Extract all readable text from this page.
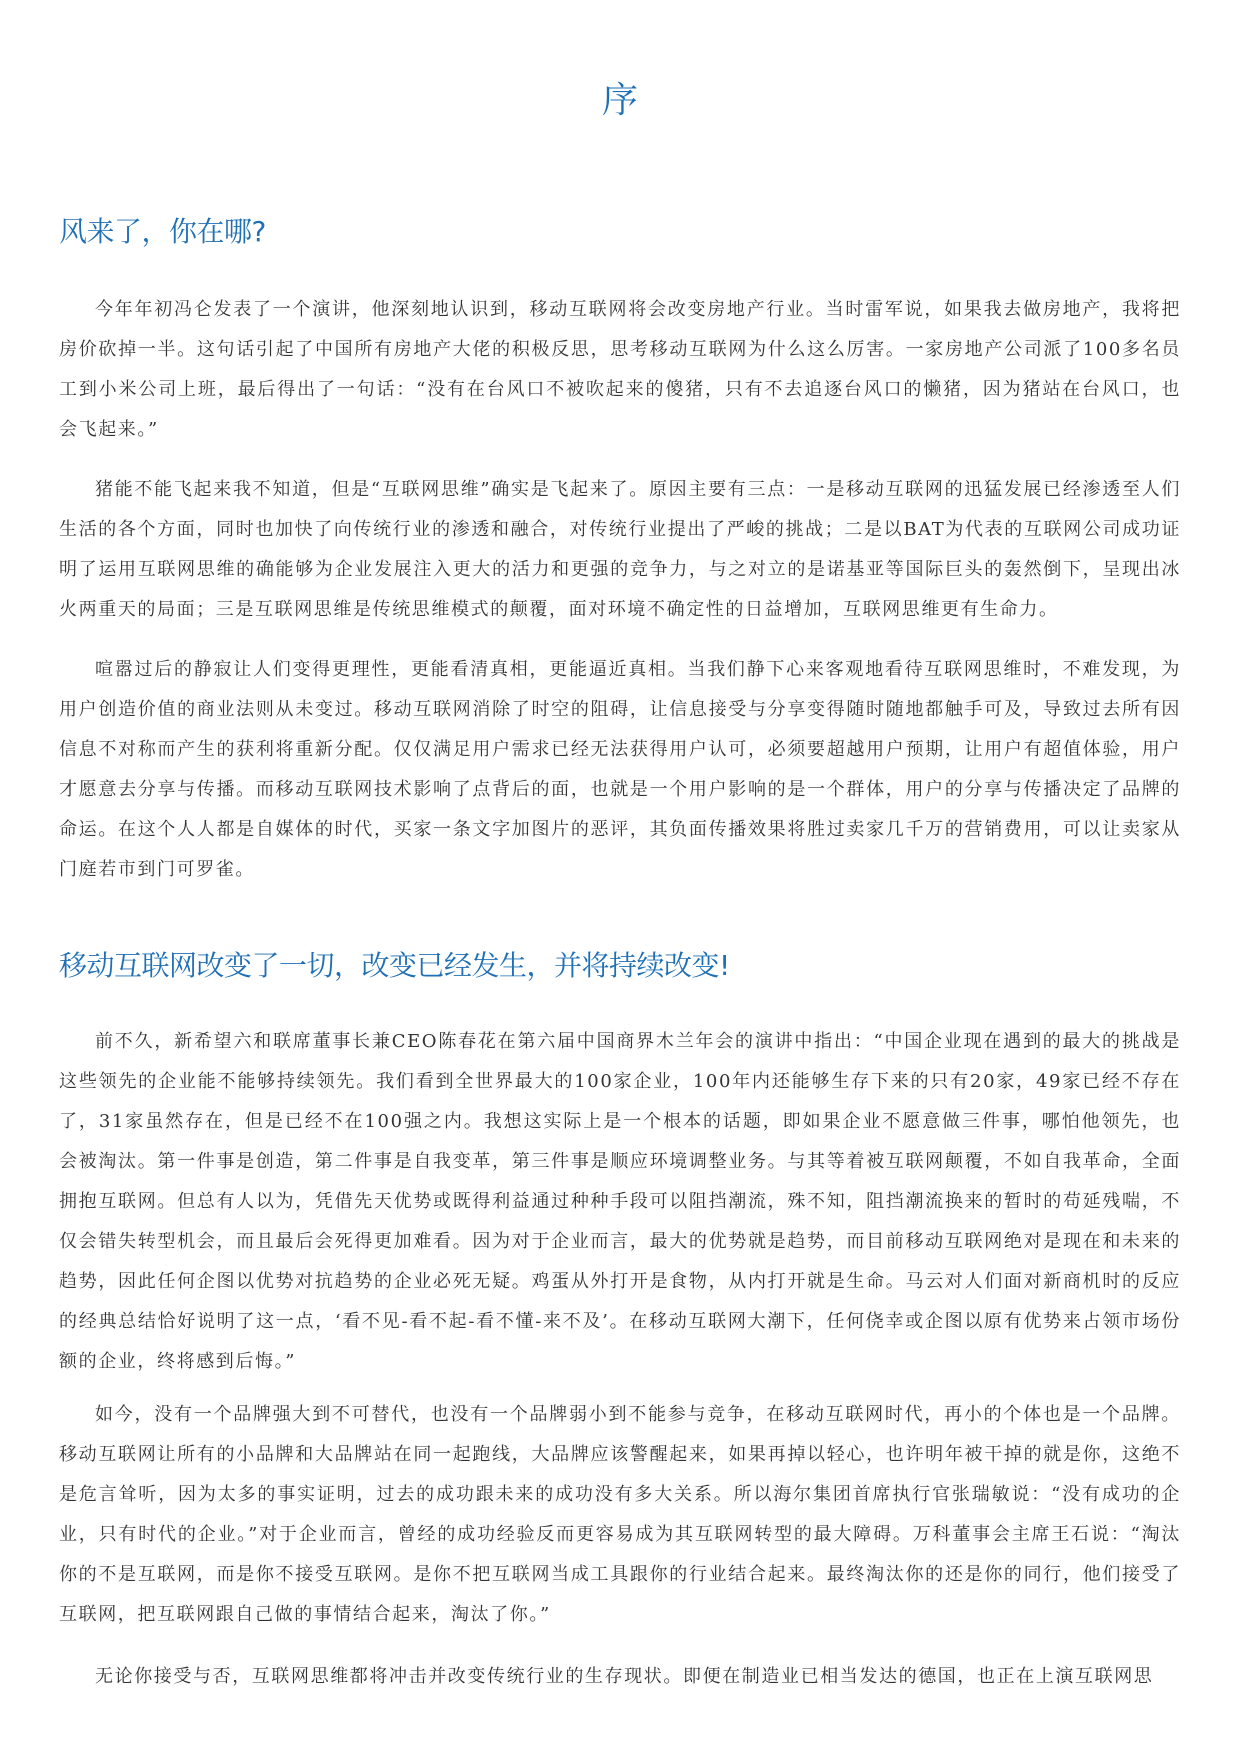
序
风来了，你在哪?

今年年初冯仑发表了一个演讲，他深刻地认识到，移动互联网将会改变房地产行业。当时雷军说，如果我去做房地产，我将把房价砍掉一半。这句话引起了中国所有房地产大佬的积极反思，思考移动互联网为什么这么厉害。一家房地产公司派了100多名员工到小米公司上班，最后得出了一句话：“没有在台风口不被吹起来的傻猪，只有不去追逐台风口的懒猪，因为猪站在台风口，也会飞起来。”

猪能不能飞起来我不知道，但是“互联网思维”确实是飞起来了。原因主要有三点：一是移动互联网的迅猛发展已经渗透至人们生活的各个方面，同时也加快了向传统行业的渗透和融合，对传统行业提出了严峻的挑战；二是以BAT为代表的互联网公司成功证明了运用互联网思维的确能够为企业发展注入更大的活力和更强的竞争力，与之对立的是诺基亚等国际巨头的轰然倒下，呈现出冰火两重天的局面；三是互联网思维是传统思维模式的颠覆，面对环境不确定性的日益增加，互联网思维更有生命力。

喧嚣过后的静寂让人们变得更理性，更能看清真相，更能逼近真相。当我们静下心来客观地看待互联网思维时，不难发现，为用户创造价值的商业法则从未变过。移动互联网消除了时空的阻碍，让信息接受与分享变得随时随地都触手可及，导致过去所有因信息不对称而产生的获利将重新分配。仅仅满足用户需求已经无法获得用户认可，必须要超越用户预期，让用户有超值体验，用户才愿意去分享与传播。而移动互联网技术影响了点背后的面，也就是一个用户影响的是一个群体，用户的分享与传播决定了品牌的命运。在这个人人都是自媒体的时代，买家一条文字加图片的恶评，其负面传播效果将胜过卖家几千万的营销费用，可以让卖家从门庭若市到门可罗雀。

移动互联网改变了一切，改变已经发生，并将持续改变!

前不久，新希望六和联席董事长兼CEO陈春花在第六届中国商界木兰年会的演讲中指出：“中国企业现在遇到的最大的挑战是这些领先的企业能不能够持续领先。我们看到全世界最大的100家企业，100年内还能够生存下来的只有20家，49家已经不存在了，31家虽然存在，但是已经不在100强之内。我想这实际上是一个根本的话题，即如果企业不愿意做三件事，哪怕他领先，也会被淘汰。第一件事是创造，第二件事是自我变革，第三件事是顺应环境调整业务。与其等着被互联网颠覆，不如自我革命，全面拥抱互联网。但总有人以为，凭借先天优势或既得利益通过种种手段可以阻挡潮流，殊不知，阻挡潮流换来的暂时的苟延残喘，不仅会错失转型机会，而且最后会死得更加难看。因为对于企业而言，最大的优势就是趋势，而目前移动互联网绝对是现在和未来的趋势，因此任何企图以优势对抗趋势的企业必死无疑。鸡蛋从外打开是食物，从内打开就是生命。马云对人们面对新商机时的反应的经典总结恰好说明了这一点，‘看不见-看不起-看不懂-来不及’。在移动互联网大潮下，任何侥幸或企图以原有优势来占领市场份额的企业，终将感到后悔。”

如今，没有一个品牌强大到不可替代，也没有一个品牌弱小到不能参与竞争，在移动互联网时代，再小的个体也是一个品牌。移动互联网让所有的小品牌和大品牌站在同一起跑线，大品牌应该警醒起来，如果再掉以轻心，也许明年被干掉的就是你，这绝不是危言耸听，因为太多的事实证明，过去的成功跟未来的成功没有多大关系。所以海尔集团首席执行官张瑞敏说：“没有成功的企业，只有时代的企业。”对于企业而言，曾经的成功经验反而更容易成为其互联网转型的最大障碍。万科董事会主席王石说：“淘汰你的不是互联网，而是你不接受互联网。是你不把互联网当成工具跟你的行业结合起来。最终淘汰你的还是你的同行，他们接受了互联网，把互联网跟自己做的事情结合起来，淘汰了你。”

无论你接受与否，互联网思维都将冲击并改变传统行业的生存现状。即便在制造业已相当发达的德国，也正在上演互联网思
